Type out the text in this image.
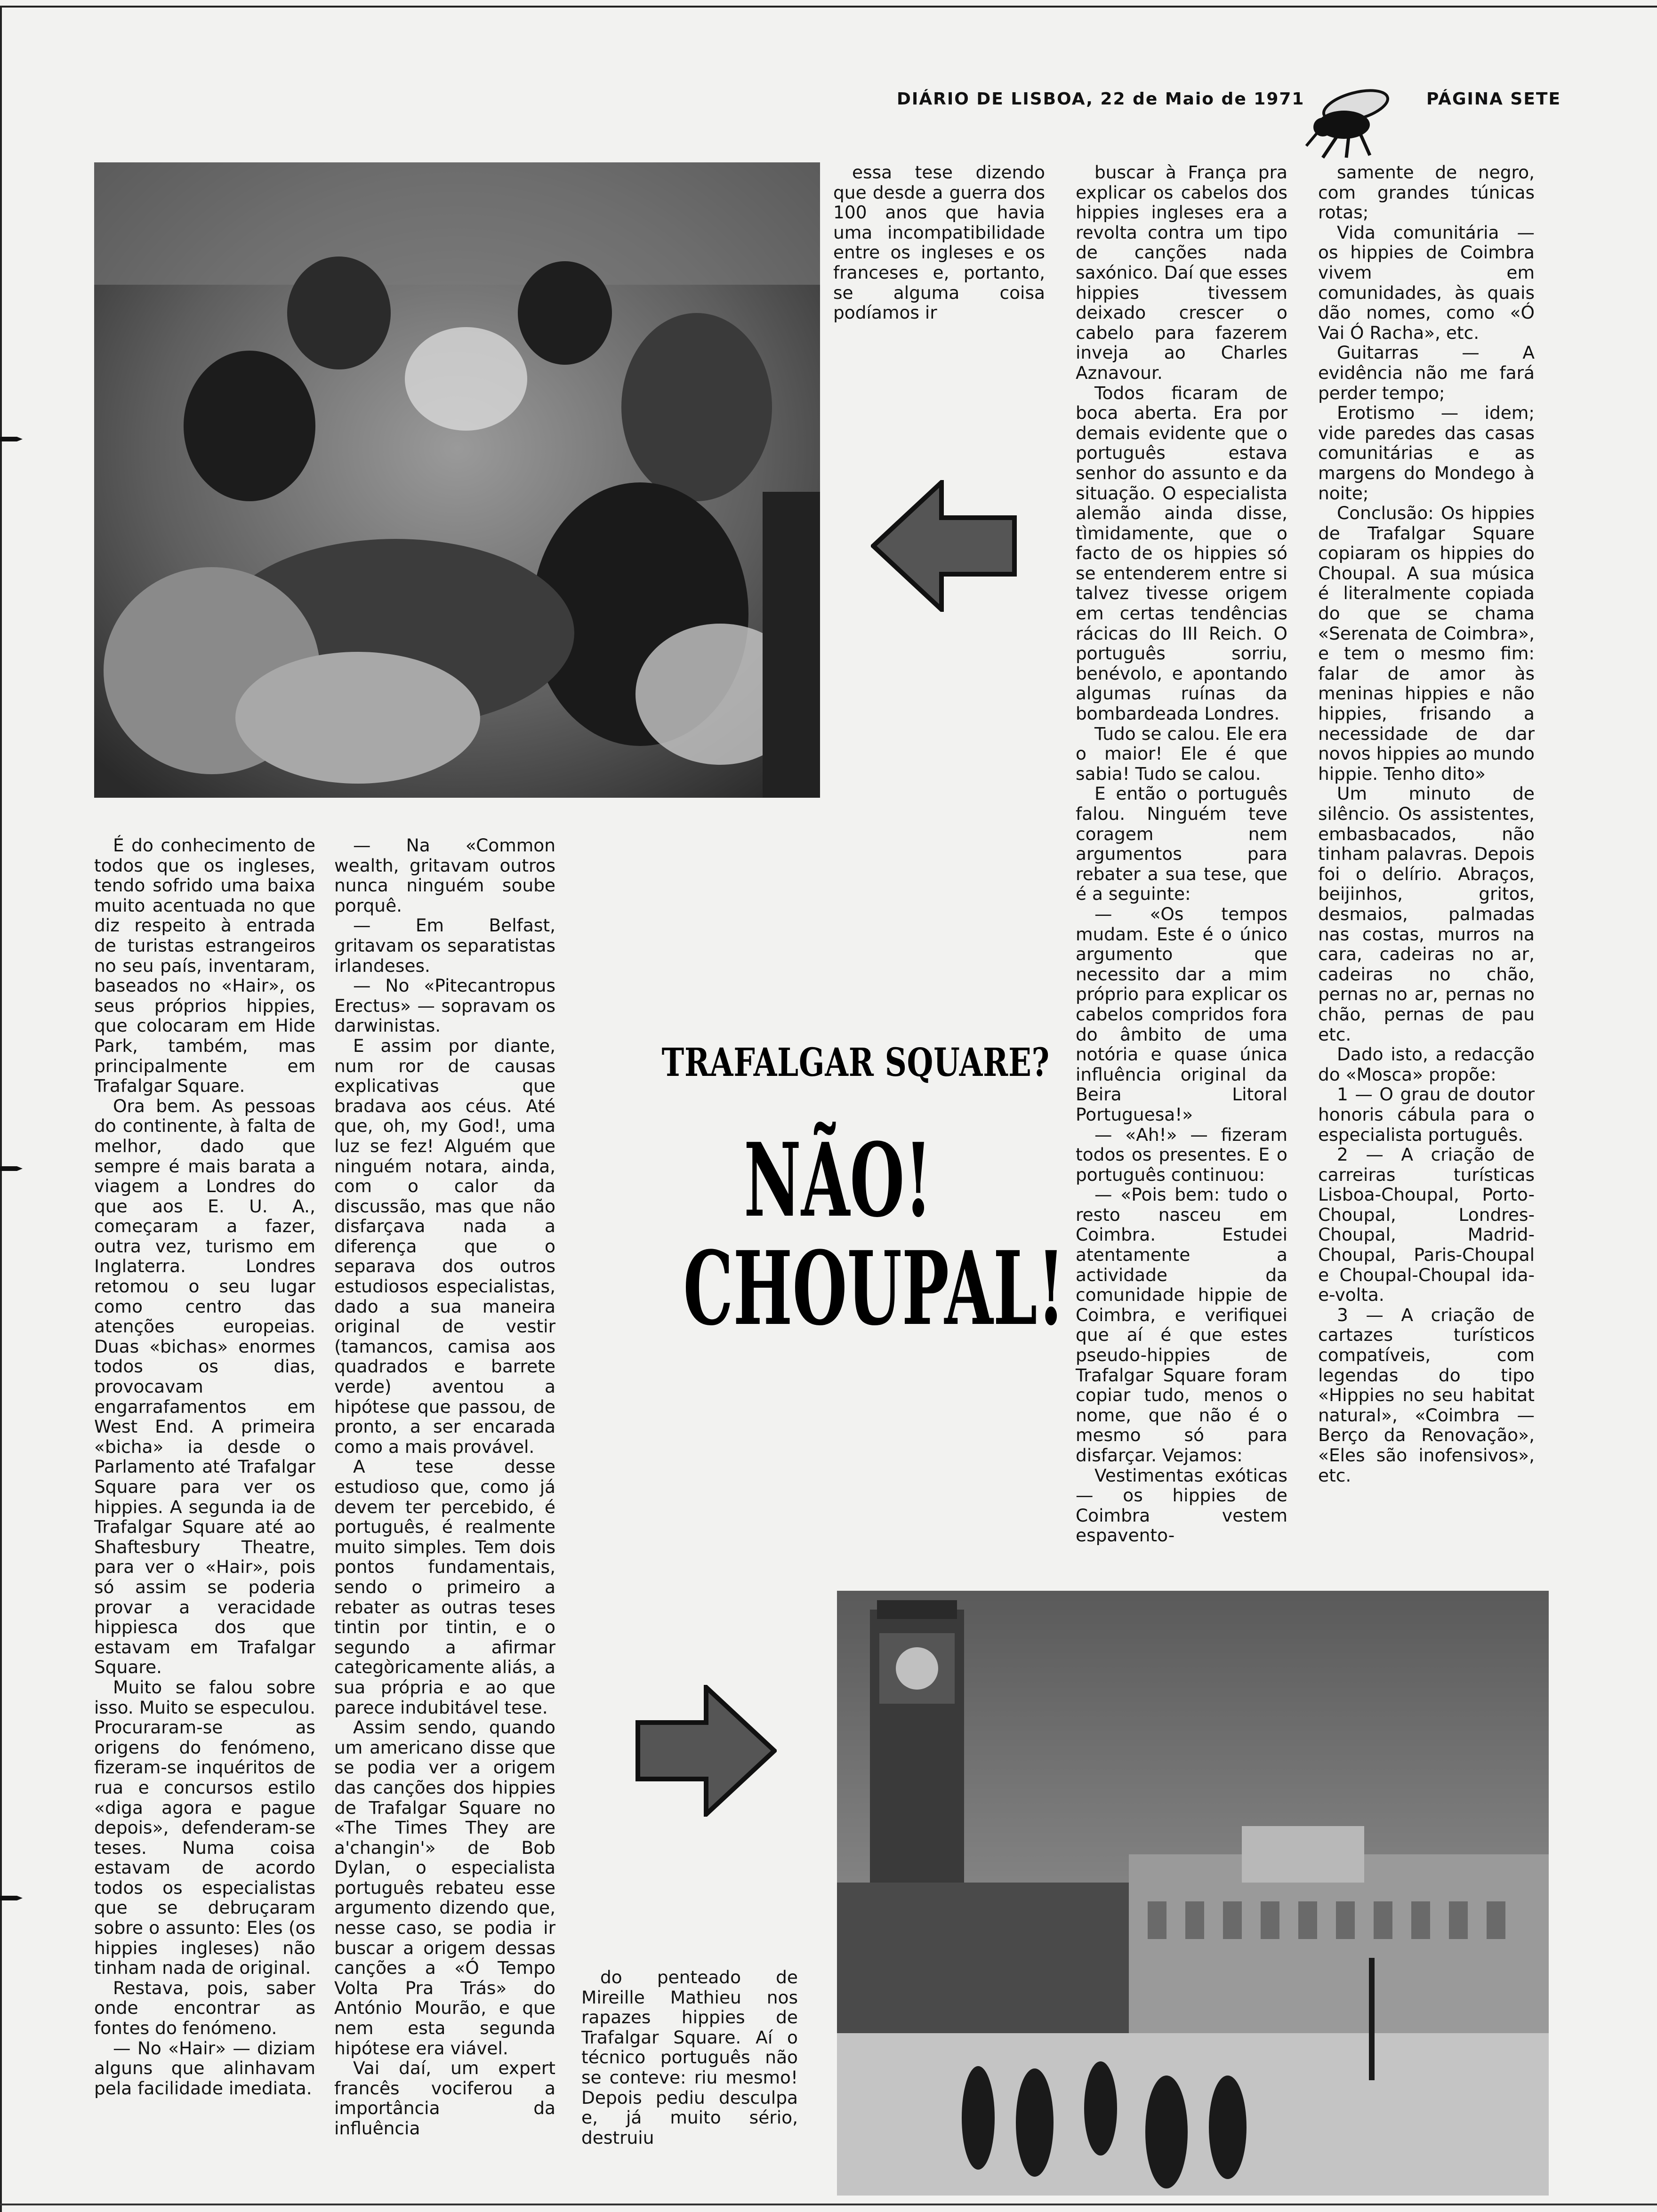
DIÁRIO DE LISBOA, 22 de Maio de 1971	PÁGINA SETE

essa tese dizendo que desde a guerra dos 100 anos que havia uma incompatibilidade entre os ingleses e os franceses e, portanto, se alguma coisa podíamos ir

buscar à França pra explicar os cabelos dos hippies ingleses era a revolta contra um tipo de canções nada saxónico. Daí que esses hippies tivessem deixado crescer o cabelo para fazerem inveja ao Charles Aznavour.

Todos ficaram de boca aberta. Era por demais evidente que o português estava senhor do assunto e da situação. O especialista alemão ainda disse, tìmidamente, que o facto de os hippies só se entenderem entre si talvez tivesse origem em certas tendências rácicas do III Reich. O português sorriu, benévolo, e apontando algumas ruínas da bombardeada Londres.

Tudo se calou. Ele era o maior! Ele é que sabia! Tudo se calou.

E então o português falou. Ninguém teve coragem nem argumentos para rebater a sua tese, que é a seguinte:

— «Os tempos mudam. Este é o único argumento que necessito dar a mim próprio para explicar os cabelos compridos fora do âmbito de uma notória e quase única influência original da Beira Litoral Portuguesa!»

— «Ah!» — fizeram todos os presentes. E o português continuou:

— «Pois bem: tudo o resto nasceu em Coimbra. Estudei atentamente a actividade da comunidade hippie de Coimbra, e verifiquei que aí é que estes pseudo-hippies de Trafalgar Square foram copiar tudo, menos o nome, que não é o mesmo só para disfarçar. Vejamos:

Vestimentas exóticas — os hippies de Coimbra vestem espavento-

samente de negro, com grandes túnicas rotas;

Vida comunitária — os hippies de Coimbra vivem em comunidades, às quais dão nomes, como «Ó Vai Ó Racha», etc.

Guitarras — A evidência não me fará perder tempo;

Erotismo — idem; vide paredes das casas comunitárias e as margens do Mondego à noite;

Conclusão: Os hippies de Trafalgar Square copiaram os hippies do Choupal. A sua música é literalmente copiada do que se chama «Serenata de Coimbra», e tem o mesmo fim: falar de amor às meninas hippies e não hippies, frisando a necessidade de dar novos hippies ao mundo hippie. Tenho dito»

Um minuto de silêncio. Os assistentes, embasbacados, não tinham palavras. Depois foi o delírio. Abraços, beijinhos, gritos, desmaios, palmadas nas costas, murros na cara, cadeiras no ar, cadeiras no chão, pernas no ar, pernas no chão, pernas de pau etc.

Dado isto, a redacção do «Mosca» propõe:

1 — O grau de doutor honoris cábula para o especialista português.

2 — A criação de carreiras turísticas Lisboa-Choupal, Porto-Choupal, Londres-Choupal, Madrid-Choupal, Paris-Choupal e Choupal-Choupal ida-e-volta.

3 — A criação de cartazes turísticos compatíveis, com legendas do tipo «Hippies no seu habitat natural», «Coimbra — Berço da Renovação», «Eles são inofensivos», etc.

É do conhecimento de todos que os ingleses, tendo sofrido uma baixa muito acentuada no que diz respeito à entrada de turistas estrangeiros no seu país, inventaram, baseados no «Hair», os seus próprios hippies, que colocaram em Hide Park, também, mas principalmente em Trafalgar Square.

Ora bem. As pessoas do continente, à falta de melhor, dado que sempre é mais barata a viagem a Londres do que aos E. U. A., começaram a fazer, outra vez, turismo em Inglaterra. Londres retomou o seu lugar como centro das atenções europeias. Duas «bichas» enormes todos os dias, provocavam engarrafamentos em West End. A primeira «bicha» ia desde o Parlamento até Trafalgar Square para ver os hippies. A segunda ia de Trafalgar Square até ao Shaftesbury Theatre, para ver o «Hair», pois só assim se poderia provar a veracidade hippiesca dos que estavam em Trafalgar Square.

Muito se falou sobre isso. Muito se especulou. Procuraram-se as origens do fenómeno, fizeram-se inquéritos de rua e concursos estilo «diga agora e pague depois», defenderam-se teses. Numa coisa estavam de acordo todos os especialistas que se debruçaram sobre o assunto: Eles (os hippies ingleses) não tinham nada de original.

Restava, pois, saber onde encontrar as fontes do fenómeno.

— No «Hair» — diziam alguns que alinhavam pela facilidade imediata.

— Na «Common wealth, gritavam outros nunca ninguém soube porquê.

— Em Belfast, gritavam os separatistas irlandeses.

— No «Pitecantropus Erectus» — sopravam os darwinistas.

E assim por diante, num ror de causas explicativas que bradava aos céus. Até que, oh, my God!, uma luz se fez! Alguém que ninguém notara, ainda, com o calor da discussão, mas que não disfarçava nada a diferença que o separava dos outros estudiosos especialistas, dado a sua maneira original de vestir (tamancos, camisa aos quadrados e barrete verde) aventou a hipótese que passou, de pronto, a ser encarada como a mais provável.

A tese desse estudioso que, como já devem ter percebido, é português, é realmente muito simples. Tem dois pontos fundamentais, sendo o primeiro a rebater as outras teses tintin por tintin, e o segundo a afirmar categòricamente aliás, a sua própria e ao que parece indubitável tese.

Assim sendo, quando um americano disse que se podia ver a origem das canções dos hippies de Trafalgar Square no «The Times They are a'changin'» de Bob Dylan, o especialista português rebateu esse argumento dizendo que, nesse caso, se podia ir buscar a origem dessas canções a «Ó Tempo Volta Pra Trás» do António Mourão, e que nem esta segunda hipótese era viável.

Vai daí, um expert francês vociferou a importância da influência

TRAFALGAR SQUARE?
NÃO!
CHOUPAL!

do penteado de Mireille Mathieu nos rapazes hippies de Trafalgar Square. Aí o técnico português não se conteve: riu mesmo! Depois pediu desculpa e, já muito sério, destruiu
